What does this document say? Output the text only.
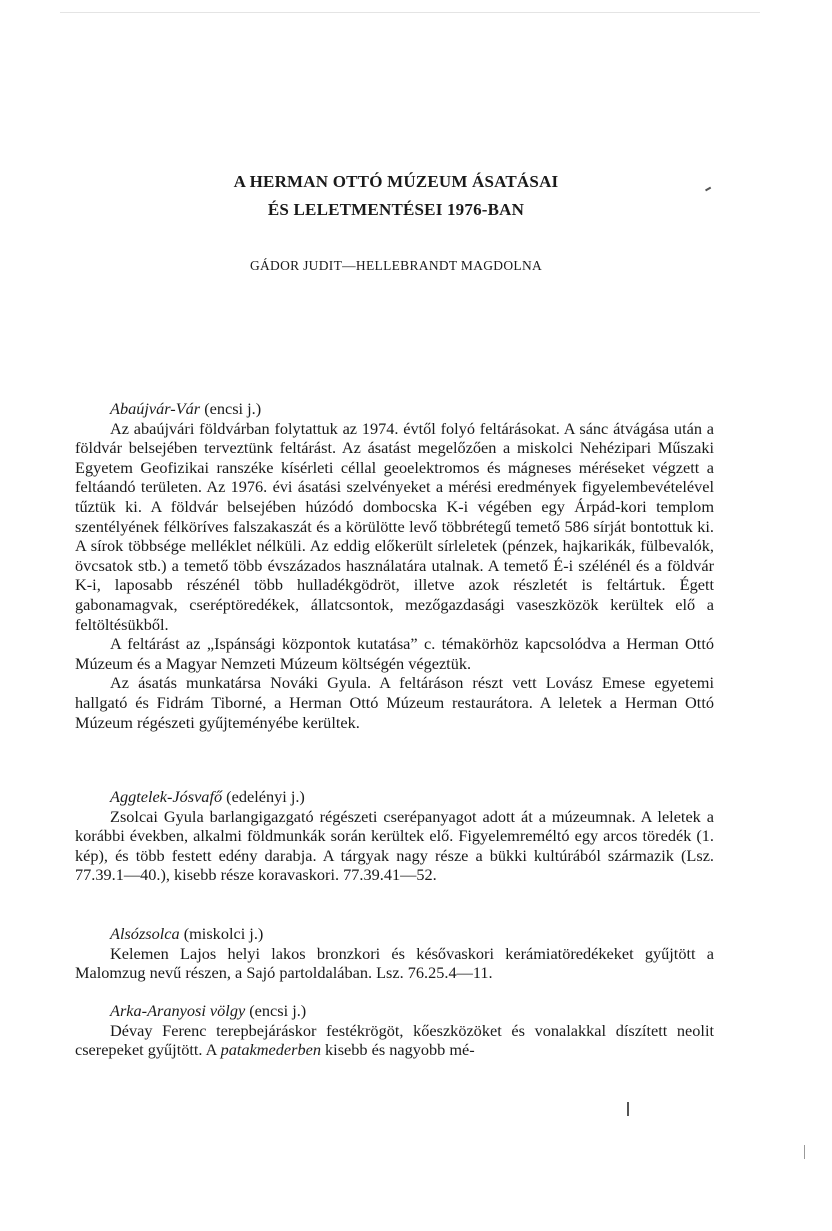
A HERMAN OTTÓ MÚZEUM ÁSATÁSAI
ÉS LELETMENTÉSEI 1976-BAN
GÁDOR JUDIT—HELLEBRANDT MAGDOLNA
Abaújvár-Vár (encsi j.)

Az abaújvári földvárban folytattuk az 1974. évtől folyó feltárásokat. A sánc átvágása után a földvár belsejében terveztünk feltárást. Az ásatást megelőzően a miskolci Nehézipari Műszaki Egyetem Geofizikai ranszéke kísérleti céllal geoelektromos és mágneses méréseket végzett a feltáandó területen. Az 1976. évi ásatási szelvényeket a mérési eredmények figyelembevételével tűztük ki. A földvár belsejében húzódó dombocska K-i végében egy Árpád-kori templom szentélyének félköríves falszakaszát és a körülötte levő többrétegű temető 586 sírját bontottuk ki. A sírok többsége melléklet nélküli. Az eddig előkerült sírleletek (pénzek, hajkarikák, fülbevalók, övcsatok stb.) a temető több évszázados használatára utalnak. A temető É-i szélénél és a földvár K-i, laposabb részénél több hulladékgödröt, illetve azok részletét is feltártuk. Égett gabonamagvak, cseréptöredékek, állatcsontok, mezőgazdasági vaseszközök kerültek elő a feltöltésükből.

A feltárást az „Ispánsági központok kutatása” c. témakörhöz kapcsolódva a Herman Ottó Múzeum és a Magyar Nemzeti Múzeum költségén végeztük.

Az ásatás munkatársa Nováki Gyula. A feltáráson részt vett Lovász Emese egyetemi hallgató és Fidrám Tiborné, a Herman Ottó Múzeum restaurátora. A leletek a Herman Ottó Múzeum régészeti gyűjteményébe kerültek.

Aggtelek-Jósvafő (edelényi j.)

Zsolcai Gyula barlangigazgató régészeti cserépanyagot adott át a múzeumnak. A leletek a korábbi években, alkalmi földmunkák során kerültek elő. Figyelemreméltó egy arcos töredék (1. kép), és több festett edény darabja. A tárgyak nagy része a bükki kultúrából származik (Lsz. 77.39.1—40.), kisebb része koravaskori. 77.39.41—52.

Alsózsolca (miskolci j.)

Kelemen Lajos helyi lakos bronzkori és késővaskori kerámiatöredékeket gyűjtött a Malomzug nevű részen, a Sajó partoldalában. Lsz. 76.25.4—11.

Arka-Aranyosi völgy (encsi j.)

Dévay Ferenc terepbejáráskor festékrögöt, kőeszközöket és vonalakkal díszített neolit cserepeket gyűjtött. A patakmederben kisebb és nagyobb mé-
